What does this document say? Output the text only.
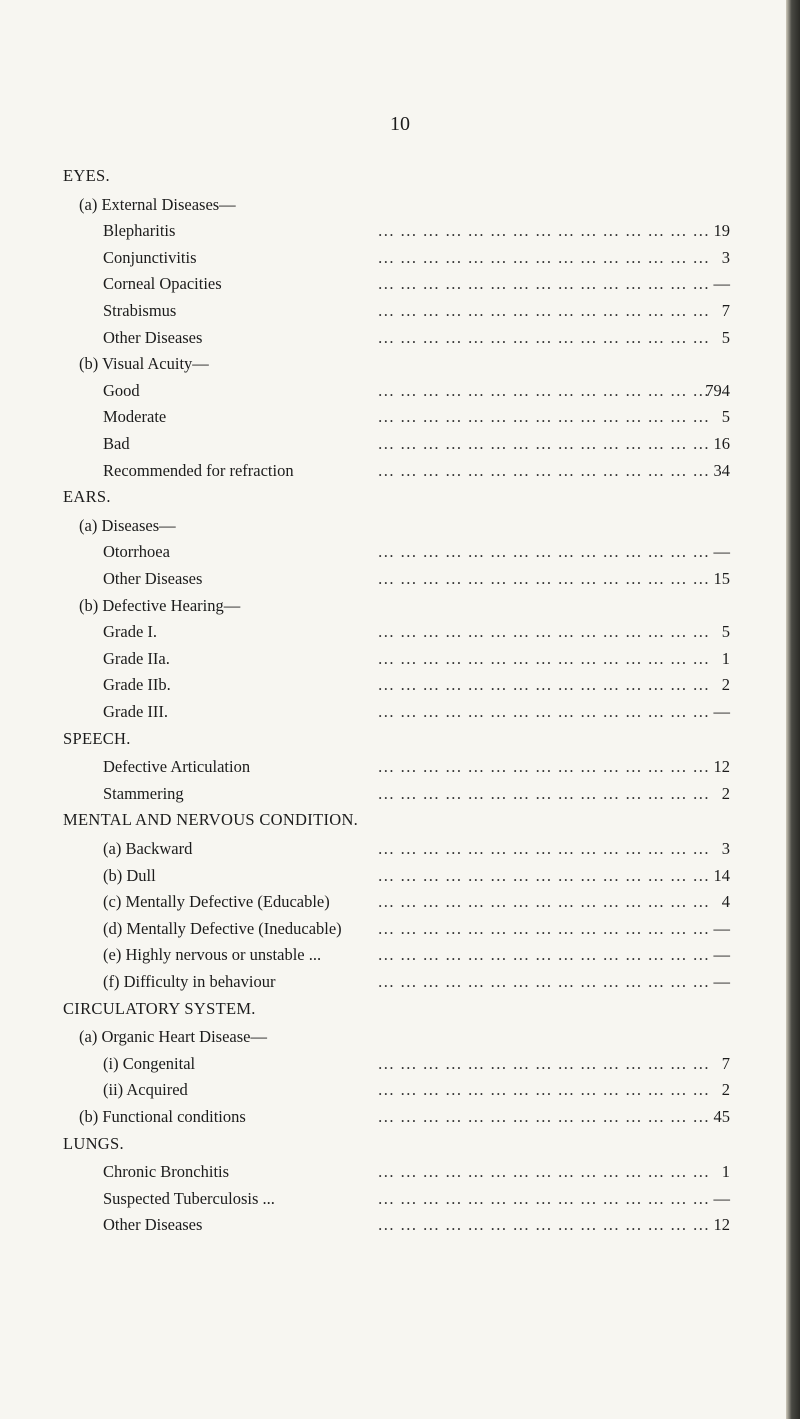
10
EYES.
(a) External Diseases—
... ... ... ... ... ... ... ... ... ... ... ... ... ... ...
Blepharitis	19
... ... ... ... ... ... ... ... ... ... ... ... ... ... ...
Conjunctivitis	3
... ... ... ... ... ... ... ... ... ... ... ... ... ... ...
Corneal Opacities	—
... ... ... ... ... ... ... ... ... ... ... ... ... ... ...
Strabismus	7
... ... ... ... ... ... ... ... ... ... ... ... ... ... ...
Other Diseases	5
(b) Visual Acuity—
... ... ... ... ... ... ... ... ... ... ... ... ... ... ...
Good	794
... ... ... ... ... ... ... ... ... ... ... ... ... ... ...
Moderate	5
... ... ... ... ... ... ... ... ... ... ... ... ... ... ...
Bad	16
... ... ... ... ... ... ... ... ... ... ... ... ... ... ...
Recommended for refraction	34
EARS.
(a) Diseases—
... ... ... ... ... ... ... ... ... ... ... ... ... ... ...
Otorrhoea	—
... ... ... ... ... ... ... ... ... ... ... ... ... ... ...
Other Diseases	15
(b) Defective Hearing—
... ... ... ... ... ... ... ... ... ... ... ... ... ... ...
Grade I.	5
... ... ... ... ... ... ... ... ... ... ... ... ... ... ...
Grade IIa.	1
... ... ... ... ... ... ... ... ... ... ... ... ... ... ...
Grade IIb.	2
... ... ... ... ... ... ... ... ... ... ... ... ... ... ...
Grade III.	—
SPEECH.
... ... ... ... ... ... ... ... ... ... ... ... ... ... ...
Defective Articulation	12
... ... ... ... ... ... ... ... ... ... ... ... ... ... ...
Stammering	2
MENTAL AND NERVOUS CONDITION.
... ... ... ... ... ... ... ... ... ... ... ... ... ... ...
(a) Backward	3
... ... ... ... ... ... ... ... ... ... ... ... ... ... ...
(b) Dull	14
... ... ... ... ... ... ... ... ... ... ... ... ... ... ...
(c) Mentally Defective (Educable)	4
... ... ... ... ... ... ... ... ... ... ... ... ... ... ...
(d) Mentally Defective (Ineducable)	—
... ... ... ... ... ... ... ... ... ... ... ... ... ... ...
(e) Highly nervous or unstable ...	—
... ... ... ... ... ... ... ... ... ... ... ... ... ... ...
(f) Difficulty in behaviour	—
CIRCULATORY SYSTEM.
(a) Organic Heart Disease—
... ... ... ... ... ... ... ... ... ... ... ... ... ... ...
(i) Congenital	7
... ... ... ... ... ... ... ... ... ... ... ... ... ... ...
(ii) Acquired	2
... ... ... ... ... ... ... ... ... ... ... ... ... ... ...
(b) Functional conditions	45
LUNGS.
... ... ... ... ... ... ... ... ... ... ... ... ... ... ...
Chronic Bronchitis	1
... ... ... ... ... ... ... ... ... ... ... ... ... ... ...
Suspected Tuberculosis ...	—
... ... ... ... ... ... ... ... ... ... ... ... ... ... ...
Other Diseases	12
